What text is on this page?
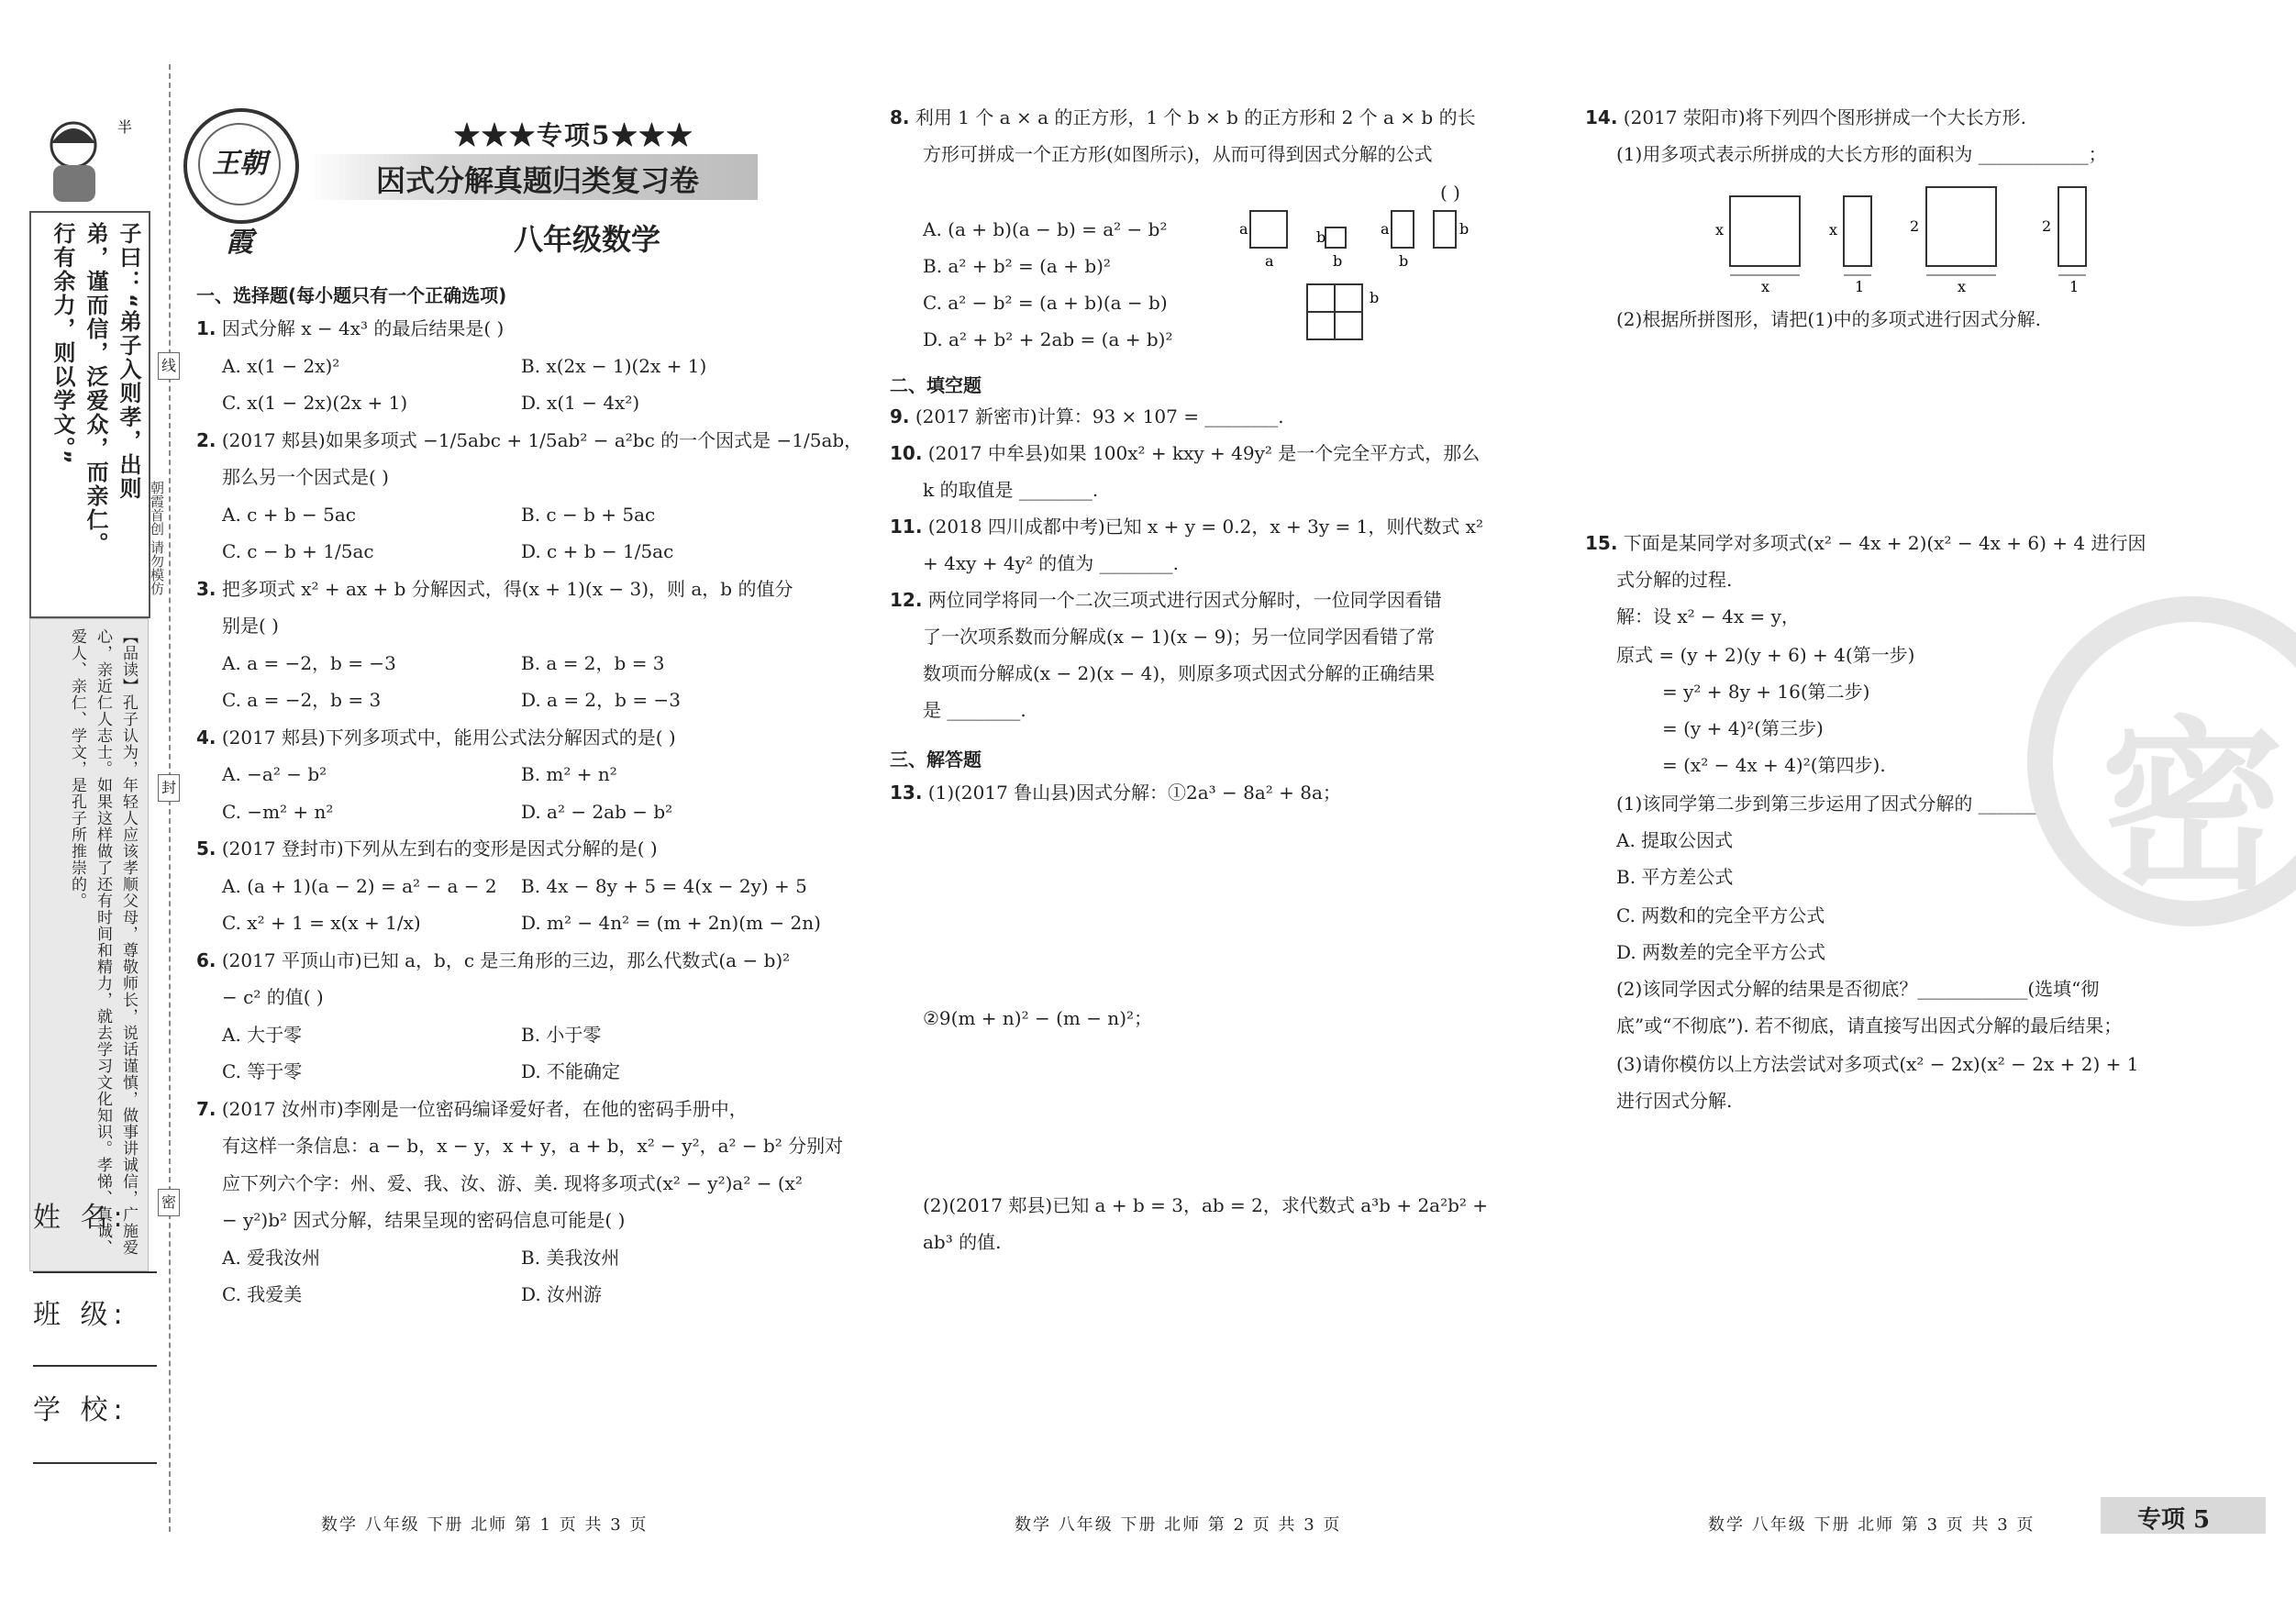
半
子曰：“弟子入则孝，出则
弟，谨而信，泛爱众，而亲仁。
行有余力，则以学文。”
【品读】孔子认为，年轻人应该孝顺父母，尊敬师长，说话谨慎，做事讲诚信，广施爱
心，亲近仁人志士。如果这样做了还有时间和精力，就去学习文化知识。孝悌、真诚、
爱人、亲仁、学文，是孔子所推崇的。
姓 名:
班 级:
学 校:
线
封
密
朝霞首创 请勿模仿
王朝霞
★★★专项5★★★
因式分解真题归类复习卷
八年级数学
一、选择题(每小题只有一个正确选项)
二、填空题
三、解答题
1. 因式分解 x − 4x³ 的最后结果是( )
A. x(1 − 2x)²	B. x(2x − 1)(2x + 1)
C. x(1 − 2x)(2x + 1)	D. x(1 − 4x²)
2. (2017 郏县)如果多项式 −1/5abc + 1/5ab² − a²bc 的一个因式是 −1/5ab，
那么另一个因式是( )
A. c + b − 5ac	B. c − b + 5ac
C. c − b + 1/5ac	D. c + b − 1/5ac
3. 把多项式 x² + ax + b 分解因式，得(x + 1)(x − 3)，则 a，b 的值分
别是( )
A. a = −2，b = −3	B. a = 2，b = 3
C. a = −2，b = 3	D. a = 2，b = −3
4. (2017 郏县)下列多项式中，能用公式法分解因式的是( )
A. −a² − b²	B. m² + n²
C. −m² + n²	D. a² − 2ab − b²
5. (2017 登封市)下列从左到右的变形是因式分解的是( )
A. (a + 1)(a − 2) = a² − a − 2 B. 4x − 8y + 5 = 4(x − 2y) + 5
C. x² + 1 = x(x + 1/x)	D. m² − 4n² = (m + 2n)(m − 2n)
6. (2017 平顶山市)已知 a，b，c 是三角形的三边，那么代数式(a − b)²
− c² 的值( )
A. 大于零	B. 小于零
C. 等于零	D. 不能确定
7. (2017 汝州市)李刚是一位密码编译爱好者，在他的密码手册中，
有这样一条信息：a − b，x − y，x + y，a + b，x² − y²，a² − b² 分别对
应下列六个字：州、爱、我、汝、游、美. 现将多项式(x² − y²)a² − (x²
− y²)b² 因式分解，结果呈现的密码信息可能是( )
A. 爱我汝州	B. 美我汝州
C. 我爱美	D. 汝州游
8. 利用 1 个 a × a 的正方形，1 个 b × b 的正方形和 2 个 a × b 的长
方形可拼成一个正方形(如图所示)，从而可得到因式分解的公式
( )
A. (a + b)(a − b) = a² − b²
B. a² + b² = (a + b)²
C. a² − b² = (a + b)(a − b)
D. a² + b² + 2ab = (a + b)²
9. (2017 新密市)计算：93 × 107 = ________.
10. (2017 中牟县)如果 100x² + kxy + 49y² 是一个完全平方式，那么
k 的取值是 ________.
11. (2018 四川成都中考)已知 x + y = 0.2，x + 3y = 1，则代数式 x²
+ 4xy + 4y² 的值为 ________.
12. 两位同学将同一个二次三项式进行因式分解时，一位同学因看错
了一次项系数而分解成(x − 1)(x − 9)；另一位同学因看错了常
数项而分解成(x − 2)(x − 4)，则原多项式因式分解的正确结果
是 ________.
13. (1)(2017 鲁山县)因式分解：①2a³ − 8a² + 8a；
②9(m + n)² − (m − n)²；
(2)(2017 郏县)已知 a + b = 3，ab = 2，求代数式 a³b + 2a²b² +
ab³ 的值.
14. (2017 荥阳市)将下列四个图形拼成一个大长方形.
(1)用多项式表示所拼成的大长方形的面积为 ____________；
(2)根据所拼图形，请把(1)中的多项式进行因式分解.
15. 下面是某同学对多项式(x² − 4x + 2)(x² − 4x + 6) + 4 进行因
式分解的过程.
解：设 x² − 4x = y，
原式 = (y + 2)(y + 6) + 4(第一步)
= y² + 8y + 16(第二步)
= (y + 4)²(第三步)
= (x² − 4x + 4)²(第四步).
(1)该同学第二步到第三步运用了因式分解的 ________；
A. 提取公因式
B. 平方差公式
C. 两数和的完全平方公式
D. 两数差的完全平方公式
(2)该同学因式分解的结果是否彻底？____________(选填“彻
底”或“不彻底”). 若不彻底，请直接写出因式分解的最后结果；
(3)请你模仿以上方法尝试对多项式(x² − 2x)(x² − 2x + 2) + 1
进行因式分解.
a
a
b
b
a
b
b
b
x
x
x
1
2
x
2
1
密
数学 八年级 下册 北师 第 1 页 共 3 页	数学 八年级 下册 北师 第 2 页 共 3 页	数学 八年级 下册 北师 第 3 页 共 3 页	专项 5
